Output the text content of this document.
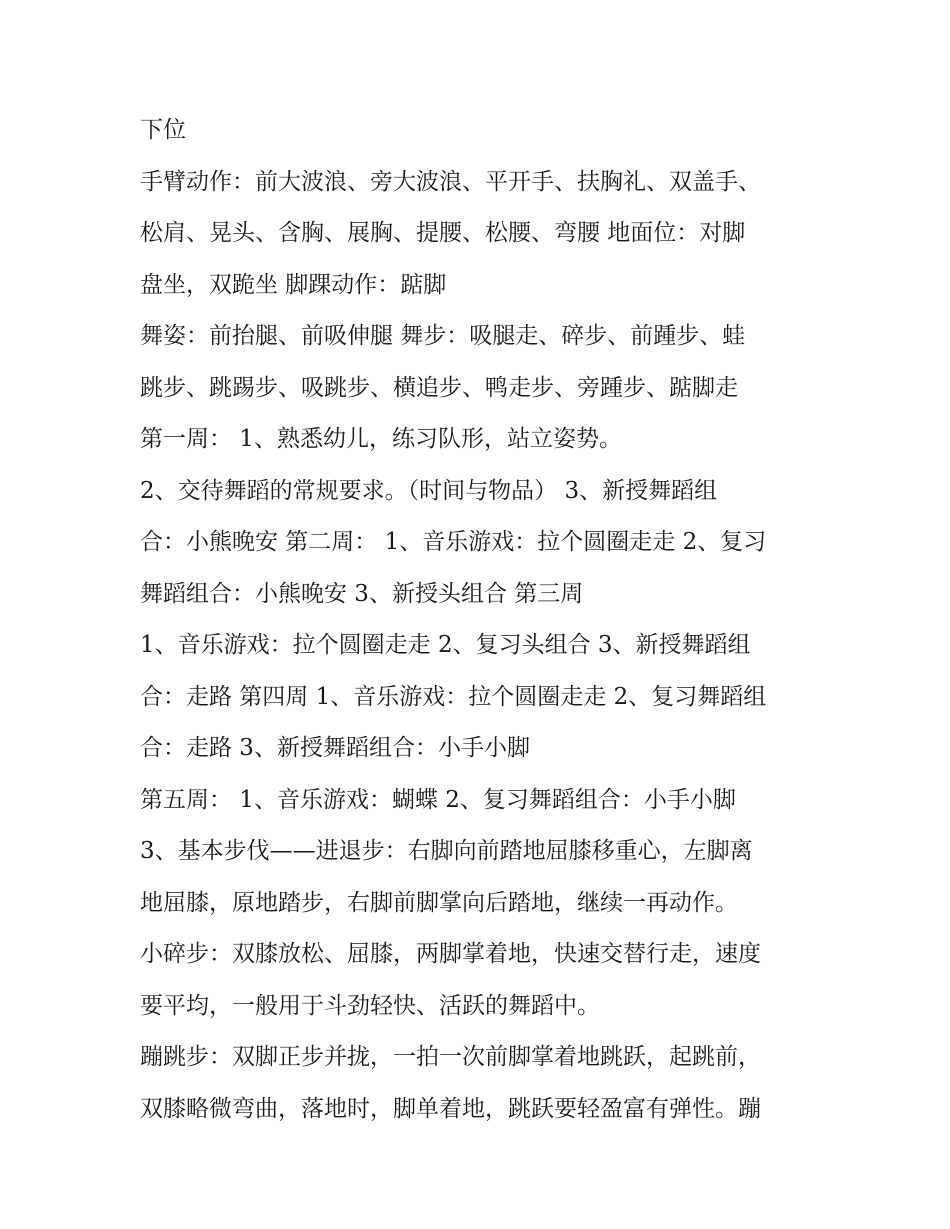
下位
手臂动作：前大波浪、旁大波浪、平开手、扶胸礼、双盖手、
松肩、晃头、含胸、展胸、提腰、松腰、弯腰 地面位：对脚
盘坐，双跪坐 脚踝动作：踮脚
舞姿：前抬腿、前吸伸腿 舞步：吸腿走、碎步、前踵步、蛙
跳步、跳踢步、吸跳步、横追步、鸭走步、旁踵步、踮脚走
第一周： 1、熟悉幼儿，练习队形，站立姿势。
2、交待舞蹈的常规要求。（时间与物品） 3、新授舞蹈组
合：小熊晚安 第二周： 1、音乐游戏：拉个圆圈走走 2、复习
舞蹈组合：小熊晚安 3、新授头组合 第三周
1、音乐游戏：拉个圆圈走走 2、复习头组合 3、新授舞蹈组
合：走路 第四周 1、音乐游戏：拉个圆圈走走 2、复习舞蹈组
合：走路 3、新授舞蹈组合：小手小脚
第五周： 1、音乐游戏：蝴蝶 2、复习舞蹈组合：小手小脚
3、基本步伐——进退步：右脚向前踏地屈膝移重心，左脚离
地屈膝，原地踏步，右脚前脚掌向后踏地，继续一再动作。
小碎步：双膝放松、屈膝，两脚掌着地，快速交替行走，速度
要平均，一般用于斗劲轻快、活跃的舞蹈中。
蹦跳步：双脚正步并拢，一拍一次前脚掌着地跳跃，起跳前，
双膝略微弯曲，落地时，脚单着地，跳跃要轻盈富有弹性。蹦
